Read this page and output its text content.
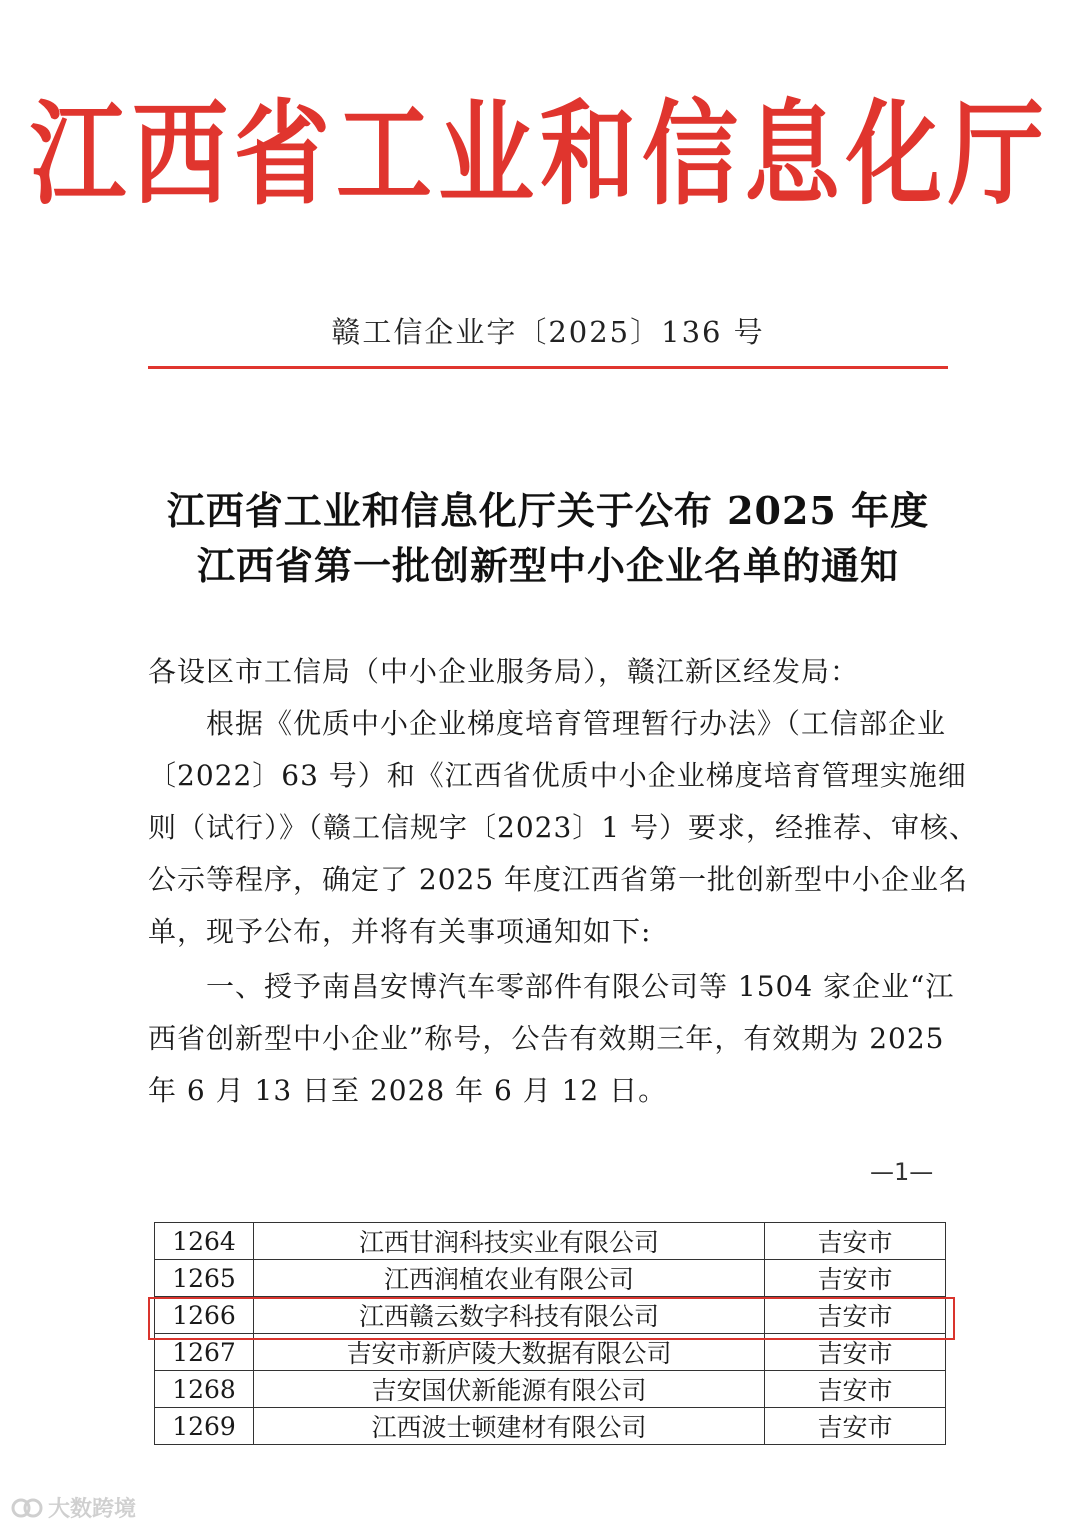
江西省工业和信息化厅
赣工信企业字〔2025〕136 号
江西省工业和信息化厅关于公布 2025 年度
江西省第一批创新型中小企业名单的通知
各设区市工信局（中小企业服务局），赣江新区经发局：
　　根据《优质中小企业梯度培育管理暂行办法》（工信部企业
〔2022〕63 号）和《江西省优质中小企业梯度培育管理实施细
则（试行）》（赣工信规字〔2023〕1 号）要求，经推荐、审核、
公示等程序，确定了 2025 年度江西省第一批创新型中小企业名
单，现予公布，并将有关事项通知如下:
　　一、授予南昌安博汽车零部件有限公司等 1504 家企业“江
西省创新型中小企业”称号，公告有效期三年，有效期为 2025
年 6 月 13 日至 2028 年 6 月 12 日。
—1—
1264	江西甘润科技实业有限公司	吉安市
1265	江西润植农业有限公司	吉安市
1266	江西赣云数字科技有限公司	吉安市
1267	吉安市新庐陵大数据有限公司	吉安市
1268	吉安国伏新能源有限公司	吉安市
1269	江西波士顿建材有限公司	吉安市
大数跨境
